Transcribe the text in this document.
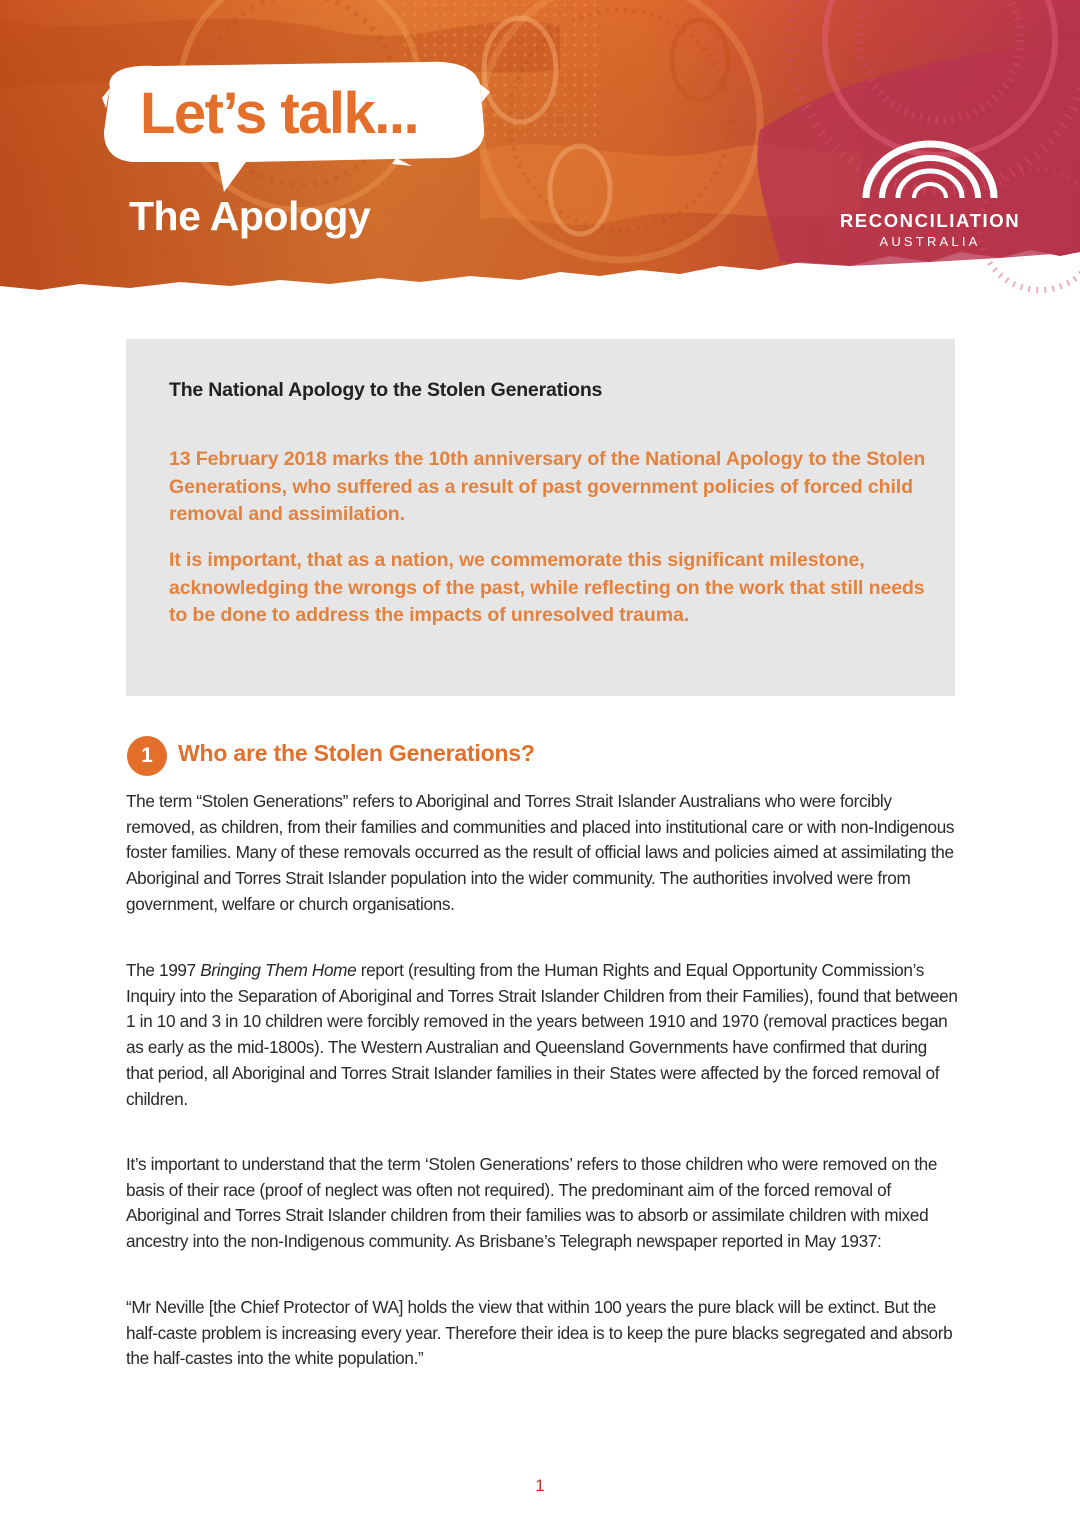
Let’s talk...
The Apology	RECONCILIATION
AUSTRALIA
The National Apology to the Stolen Generations

13 February 2018 marks the 10th anniversary of the National Apology to the Stolen Generations, who suffered as a result of past government policies of forced child removal and assimilation.

It is important, that as a nation, we commemorate this significant milestone, acknowledging the wrongs of the past, while reflecting on the work that still needs to be done to address the impacts of unresolved trauma.

1	Who are the Stolen Generations?

The term “Stolen Generations” refers to Aboriginal and Torres Strait Islander Australians who were forcibly removed, as children, from their families and communities and placed into institutional care or with non-Indigenous foster families. Many of these removals occurred as the result of official laws and policies aimed at assimilating the Aboriginal and Torres Strait Islander population into the wider community. The authorities involved were from government, welfare or church organisations.

The 1997 Bringing Them Home report (resulting from the Human Rights and Equal Opportunity Commission’s Inquiry into the Separation of Aboriginal and Torres Strait Islander Children from their Families), found that between 1 in 10 and 3 in 10 children were forcibly removed in the years between 1910 and 1970 (removal practices began as early as the mid-1800s). The Western Australian and Queensland Governments have confirmed that during that period, all Aboriginal and Torres Strait Islander families in their States were affected by the forced removal of children.

It’s important to understand that the term ‘Stolen Generations’ refers to those children who were removed on the basis of their race (proof of neglect was often not required). The predominant aim of the forced removal of Aboriginal and Torres Strait Islander children from their families was to absorb or assimilate children with mixed ancestry into the non-Indigenous community. As Brisbane’s Telegraph newspaper reported in May 1937:

“Mr Neville [the Chief Protector of WA] holds the view that within 100 years the pure black will be extinct. But the half-caste problem is increasing every year. Therefore their idea is to keep the pure blacks segregated and absorb the half-castes into the white population.”

1
